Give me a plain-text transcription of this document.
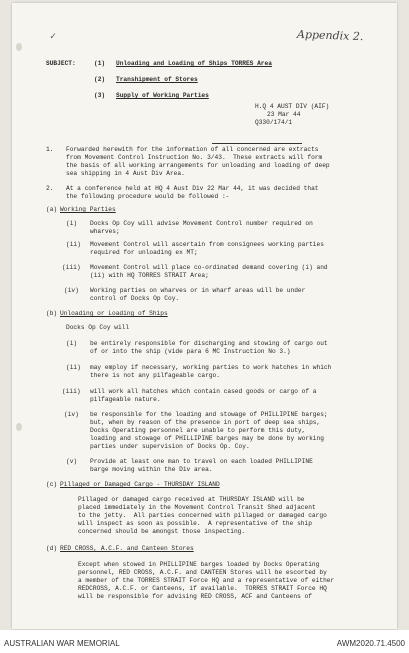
✓	Appendix 2.
SUBJECT:	(1) Unloading and Loading of Ships TORRES Area
(2) Transhipment of Stores
(3) Supply of Working Parties
H.Q 4 AUST DIV (AIF)
23 Mar 44
Q330/174/1
1. Forwarded herewith for the information of all concerned are extracts
from Movement Control Instruction No. 3/43.  These extracts will form
the basis of all working arrangements for unloading and loading of deep
sea shipping in 4 Aust Div Area.
2. At a conference held at HQ 4 Aust Div 22 Mar 44, it was decided that
the following procedure would be followed :-
(a) Working Parties
(i) Docks Op Coy will advise Movement Control number required on
wharves;
(ii) Movement Control will ascertain from consignees working parties
required for unloading ex MT;
(iii) Movement Control will place co-ordinated demand covering (i) and
(ii) with HQ TORRES STRAIT Area;
(iv) Working parties on wharves or in wharf areas will be under
control of Docks Op Coy.
(b) Unloading or Loading of Ships
Docks Op Coy will
(i) be entirely responsible for discharging and stowing of cargo out
of or into the ship (vide para 6 MC Instruction No 3.)
(ii) may employ if necessary, working parties to work hatches in which
there is not any pilfageable cargo.
(iii) will work all hatches which contain cased goods or cargo of a
pilfageable nature.
(iv) be responsible for the loading and stowage of PHILLIPINE barges;
but, when by reason of the presence in port of deep sea ships,
Docks Operating personnel are unable to perform this duty,
loading and stowage of PHILLIPINE barges may be done by working
parties under supervision of Docks Op. Coy.
(v) Provide at least one man to travel on each loaded PHILLIPINE
barge moving within the Div area.
(c) Pillaged or Damaged Cargo - THURSDAY ISLAND
Pillaged or damaged cargo received at THURSDAY ISLAND will be
placed immediately in the Movement Control Transit Shed adjacent
to the jetty.  All parties concerned with pillaged or damaged cargo
will inspect as soon as possible.  A representative of the ship
concerned should be amongst those inspecting.
(d) RED CROSS, A.C.F. and Canteen Stores
Except when stowed in PHILLIPINE barges loaded by Docks Operating
personnel, RED CROSS, A.C.F. and CANTEEN Stores will be escorted by
a member of the TORRES STRAIT Force HQ and a representative of either
REDCROSS, A.C.F. or Canteens, if available.  TORRES STRAIT Force HQ
will be responsible for advising RED CROSS, ACF and Canteens of
AUSTRALIAN WAR MEMORIAL	AWM2020.71.4500
